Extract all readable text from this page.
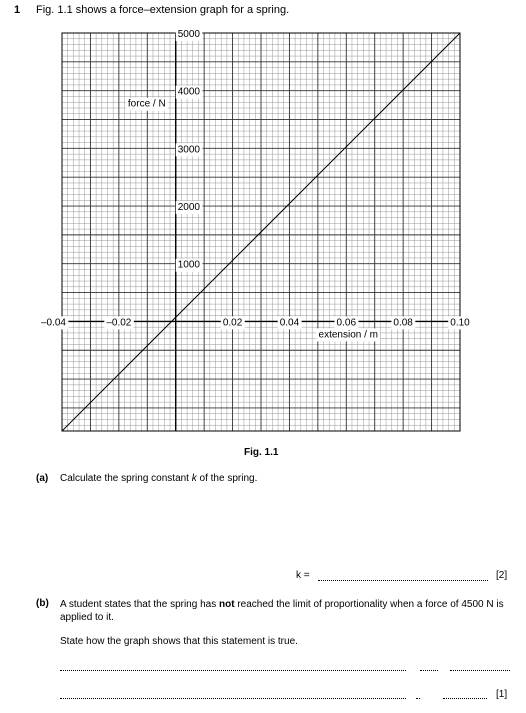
1 Fig. 1.1 shows a force–extension graph for a spring.
–0.04	–0.02	0.02	0.04	0.06	0.08	0.10
1000
2000
3000
4000
5000
force / N
extension / m
Fig. 1.1
(a) Calculate the spring constant k of the spring.
k =	[2]
(b) A student states that the spring has not reached the limit of proportionality when a force of 4500 N is applied to it.
State how the graph shows that this statement is true.
[1]
